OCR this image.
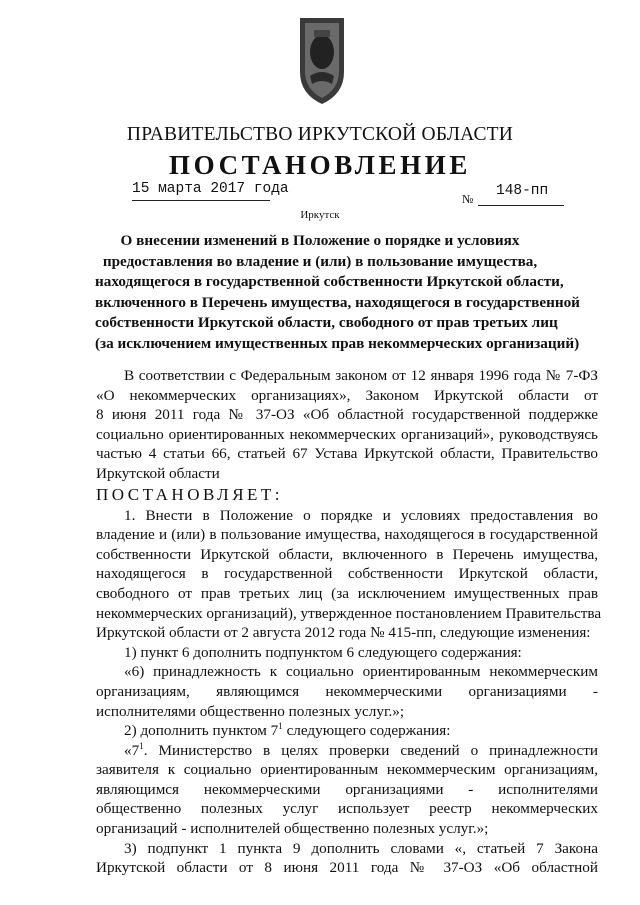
ПРАВИТЕЛЬСТВО ИРКУТСКОЙ ОБЛАСТИ
ПОСТАНОВЛЕНИЕ
15 марта 2017 года
№ 148-пп
Иркутск
О внесении изменений в Положение о порядке и условиях
предоставления во владение и (или) в пользование имущества,
находящегося в государственной собственности Иркутской области,
включенного в Перечень имущества, находящегося в государственной
собственности Иркутской области, свободного от прав третьих лиц
(за исключением имущественных прав некоммерческих организаций)
В соответствии с Федеральным законом от 12 января 1996 года № 7-ФЗ
«О некоммерческих организациях», Законом Иркутской области от
8 июня 2011 года № 37-ОЗ «Об областной государственной поддержке
социально ориентированных некоммерческих организаций», руководствуясь
частью 4 статьи 66, статьей 67 Устава Иркутской области, Правительство
Иркутской области
ПОСТАНОВЛЯЕТ:
1. Внести в Положение о порядке и условиях предоставления во
владение и (или) в пользование имущества, находящегося в государственной
собственности Иркутской области, включенного в Перечень имущества,
находящегося в государственной собственности Иркутской области,
свободного от прав третьих лиц (за исключением имущественных прав
некоммерческих организаций), утвержденное постановлением Правительства
Иркутской области от 2 августа 2012 года № 415-пп, следующие изменения:
1) пункт 6 дополнить подпунктом 6 следующего содержания:
«6) принадлежность к социально ориентированным некоммерческим
организациям, являющимся некоммерческими организациями -
исполнителями общественно полезных услуг.»;
2) дополнить пунктом $7^1$ следующего содержания:
«$7^1$. Министерство в целях проверки сведений о принадлежности
заявителя к социально ориентированным некоммерческим организациям,
являющимся некоммерческими организациями - исполнителями
общественно полезных услуг использует реестр некоммерческих
организаций - исполнителей общественно полезных услуг.»;
3) подпункт 1 пункта 9 дополнить словами «, статьей 7 Закона
Иркутской области от 8 июня 2011 года № 37-ОЗ «Об областной
